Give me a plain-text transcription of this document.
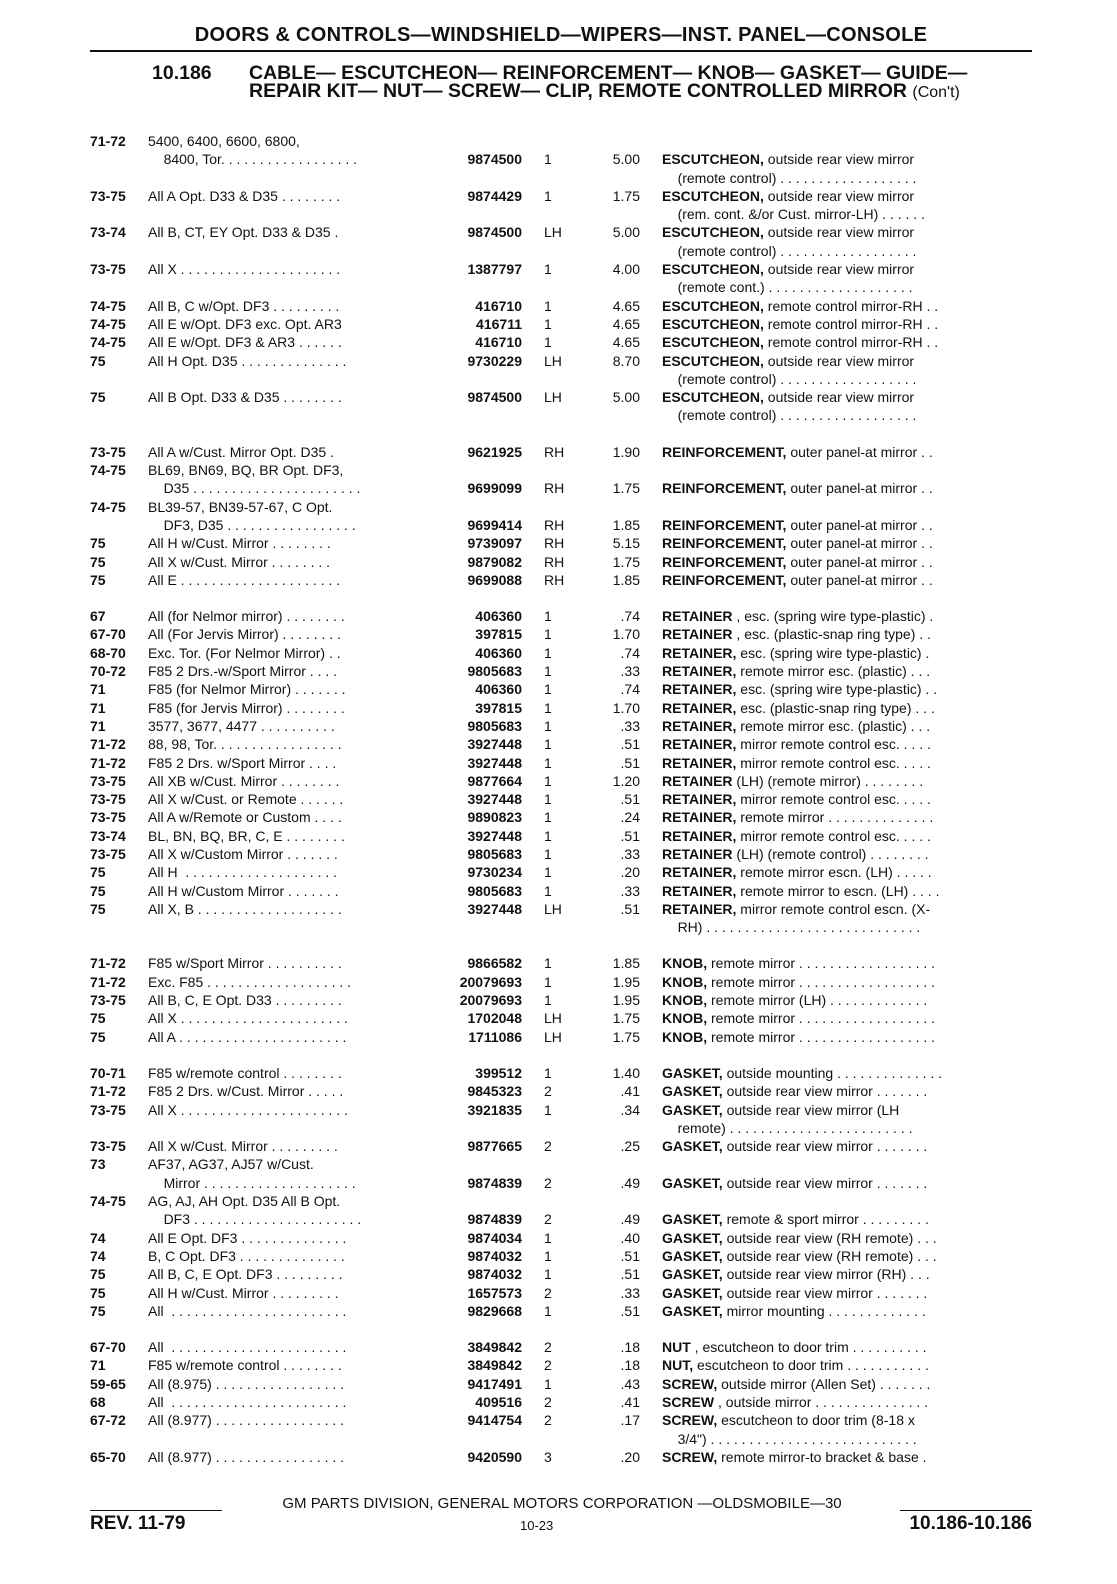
DOORS & CONTROLS—WINDSHIELD—WIPERS—INST. PANEL—CONSOLE
10.186 CABLE— ESCUTCHEON— REINFORCEMENT— KNOB— GASKET— GUIDE— REPAIR KIT— NUT— SCREW— CLIP, REMOTE CONTROLLED MIRROR (Con't)
71-72	5400, 6400, 6600, 6800,
8400, Tor. . . . . . . . . . . . . . . . . .	9874500	1	5.00	ESCUTCHEON, outside rear view mirror
(remote control) . . . . . . . . . . . . . . . . . .
73-75	All A Opt. D33 & D35 . . . . . . . .	9874429	1	1.75	ESCUTCHEON, outside rear view mirror
(rem. cont. &/or Cust. mirror-LH) . . . . . .
73-74	All B, CT, EY Opt. D33 & D35 .	9874500	LH	5.00	ESCUTCHEON, outside rear view mirror
(remote control) . . . . . . . . . . . . . . . . . .
73-75	All X . . . . . . . . . . . . . . . . . . . . .	1387797	1	4.00	ESCUTCHEON, outside rear view mirror
(remote cont.) . . . . . . . . . . . . . . . . . . .
74-75	All B, C w/Opt. DF3 . . . . . . . . .	416710	1	4.65	ESCUTCHEON, remote control mirror-RH . .
74-75	All E w/Opt. DF3 exc. Opt. AR3	416711	1	4.65	ESCUTCHEON, remote control mirror-RH . .
74-75	All E w/Opt. DF3 & AR3 . . . . . .	416710	1	4.65	ESCUTCHEON, remote control mirror-RH . .
75	All H Opt. D35 . . . . . . . . . . . . . .	9730229	LH	8.70	ESCUTCHEON, outside rear view mirror
(remote control) . . . . . . . . . . . . . . . . . .
75	All B Opt. D33 & D35 . . . . . . . .	9874500	LH	5.00	ESCUTCHEON, outside rear view mirror
(remote control) . . . . . . . . . . . . . . . . . .
73-75	All A w/Cust. Mirror Opt. D35 .	9621925	RH	1.90	REINFORCEMENT, outer panel-at mirror . .
74-75	BL69, BN69, BQ, BR Opt. DF3,
D35 . . . . . . . . . . . . . . . . . . . . . .	9699099	RH	1.75	REINFORCEMENT, outer panel-at mirror . .
74-75	BL39-57, BN39-57-67, C Opt.
DF3, D35 . . . . . . . . . . . . . . . . .	9699414	RH	1.85	REINFORCEMENT, outer panel-at mirror . .
75	All H w/Cust. Mirror . . . . . . . .	9739097	RH	5.15	REINFORCEMENT, outer panel-at mirror . .
75	All X w/Cust. Mirror . . . . . . . .	9879082	RH	1.75	REINFORCEMENT, outer panel-at mirror . .
75	All E . . . . . . . . . . . . . . . . . . . . .	9699088	RH	1.85	REINFORCEMENT, outer panel-at mirror . .
67	All (for Nelmor mirror) . . . . . . . .	406360	1	.74	RETAINER , esc. (spring wire type-plastic) .
67-70	All (For Jervis Mirror) . . . . . . . .	397815	1	1.70	RETAINER , esc. (plastic-snap ring type) . .
68-70	Exc. Tor. (For Nelmor Mirror) . .	406360	1	.74	RETAINER, esc. (spring wire type-plastic) .
70-72	F85 2 Drs.-w/Sport Mirror . . . .	9805683	1	.33	RETAINER, remote mirror esc. (plastic) . . .
71	F85 (for Nelmor Mirror) . . . . . . .	406360	1	.74	RETAINER, esc. (spring wire type-plastic) . .
71	F85 (for Jervis Mirror) . . . . . . . .	397815	1	1.70	RETAINER, esc. (plastic-snap ring type) . . .
71	3577, 3677, 4477 . . . . . . . . . .	9805683	1	.33	RETAINER, remote mirror esc. (plastic) . . .
71-72	88, 98, Tor. . . . . . . . . . . . . . . . .	3927448	1	.51	RETAINER, mirror remote control esc. . . . .
71-72	F85 2 Drs. w/Sport Mirror . . . .	3927448	1	.51	RETAINER, mirror remote control esc. . . . .
73-75	All XB w/Cust. Mirror . . . . . . . .	9877664	1	1.20	RETAINER (LH) (remote mirror) . . . . . . . .
73-75	All X w/Cust. or Remote . . . . . .	3927448	1	.51	RETAINER, mirror remote control esc. . . . .
73-75	All A w/Remote or Custom . . . .	9890823	1	.24	RETAINER, remote mirror . . . . . . . . . . . . . .
73-74	BL, BN, BQ, BR, C, E . . . . . . . .	3927448	1	.51	RETAINER, mirror remote control esc. . . . .
73-75	All X w/Custom Mirror . . . . . . .	9805683	1	.33	RETAINER (LH) (remote control) . . . . . . . .
75	All H  . . . . . . . . . . . . . . . . . . . .	9730234	1	.20	RETAINER, remote mirror escn. (LH) . . . . .
75	All H w/Custom Mirror . . . . . . .	9805683	1	.33	RETAINER, remote mirror to escn. (LH) . . . .
75	All X, B . . . . . . . . . . . . . . . . . . .	3927448	LH	.51	RETAINER, mirror remote control escn. (X-
RH) . . . . . . . . . . . . . . . . . . . . . . . . . . . .
71-72	F85 w/Sport Mirror . . . . . . . . . .	9866582	1	1.85	KNOB, remote mirror . . . . . . . . . . . . . . . . . .
71-72	Exc. F85 . . . . . . . . . . . . . . . . . . .	20079693	1	1.95	KNOB, remote mirror . . . . . . . . . . . . . . . . . .
73-75	All B, C, E Opt. D33 . . . . . . . . .	20079693	1	1.95	KNOB, remote mirror (LH) . . . . . . . . . . . . .
75	All X . . . . . . . . . . . . . . . . . . . . . .	1702048	LH	1.75	KNOB, remote mirror . . . . . . . . . . . . . . . . . .
75	All A . . . . . . . . . . . . . . . . . . . . . .	1711086	LH	1.75	KNOB, remote mirror . . . . . . . . . . . . . . . . . .
70-71	F85 w/remote control . . . . . . . .	399512	1	1.40	GASKET, outside mounting . . . . . . . . . . . . . .
71-72	F85 2 Drs. w/Cust. Mirror . . . . .	9845323	2	.41	GASKET, outside rear view mirror . . . . . . .
73-75	All X . . . . . . . . . . . . . . . . . . . . . .	3921835	1	.34	GASKET, outside rear view mirror (LH
remote) . . . . . . . . . . . . . . . . . . . . . . . .
73-75	All X w/Cust. Mirror . . . . . . . . .	9877665	2	.25	GASKET, outside rear view mirror . . . . . . .
73	AF37, AG37, AJ57 w/Cust.
Mirror . . . . . . . . . . . . . . . . . . . .	9874839	2	.49	GASKET, outside rear view mirror . . . . . . .
74-75	AG, AJ, AH Opt. D35 All B Opt.
DF3 . . . . . . . . . . . . . . . . . . . . . .	9874839	2	.49	GASKET, remote & sport mirror . . . . . . . . .
74	All E Opt. DF3 . . . . . . . . . . . . . .	9874034	1	.40	GASKET, outside rear view (RH remote) . . .
74	B, C Opt. DF3 . . . . . . . . . . . . . .	9874032	1	.51	GASKET, outside rear view (RH remote) . . .
75	All B, C, E Opt. DF3 . . . . . . . . .	9874032	1	.51	GASKET, outside rear view mirror (RH) . . .
75	All H w/Cust. Mirror . . . . . . . . .	1657573	2	.33	GASKET, outside rear view mirror . . . . . . .
75	All  . . . . . . . . . . . . . . . . . . . . . . .	9829668	1	.51	GASKET, mirror mounting . . . . . . . . . . . . .
67-70	All  . . . . . . . . . . . . . . . . . . . . . . .	3849842	2	.18	NUT , escutcheon to door trim . . . . . . . . . .
71	F85 w/remote control . . . . . . . .	3849842	2	.18	NUT, escutcheon to door trim . . . . . . . . . . .
59-65	All (8.975) . . . . . . . . . . . . . . . . .	9417491	1	.43	SCREW, outside mirror (Allen Set) . . . . . . .
68	All  . . . . . . . . . . . . . . . . . . . . . . .	409516	2	.41	SCREW , outside mirror . . . . . . . . . . . . . . .
67-72	All (8.977) . . . . . . . . . . . . . . . . .	9414754	2	.17	SCREW, escutcheon to door trim (8-18 x
3/4") . . . . . . . . . . . . . . . . . . . . . . . . . . .
65-70	All (8.977) . . . . . . . . . . . . . . . . .	9420590	3	.20	SCREW, remote mirror-to bracket & base .
GM PARTS DIVISION, GENERAL MOTORS CORPORATION —OLDSMOBILE—30
REV. 11-79	10-23	10.186-10.186
